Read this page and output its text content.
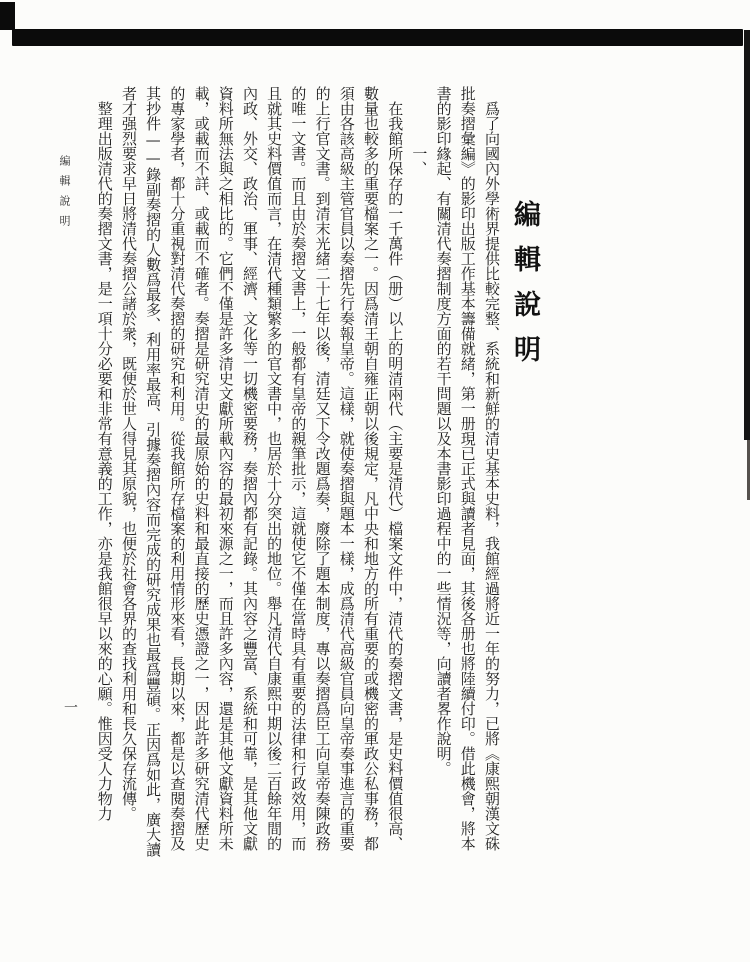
編輯說明

爲了向國內外學術界提供比較完整、系統和新鮮的清史基本史料，我館經過將近一年的努力，已將《康熙朝漢文硃批奏摺彙編》的影印出版工作基本籌備就緒，第一册現已正式與讀者見面，其後各册也將陸續付印。借此機會，將本書的影印緣起、有關清代奏摺制度方面的若干問題以及本書影印過程中的一些情況等，向讀者畧作說明。

一、

在我館所保存的一千萬件（册）以上的明清兩代（主要是清代）檔案文件中，清代的奏摺文書，是史料價值很高、數量也較多的重要檔案之一。因爲清王朝自雍正朝以後規定，凡中央和地方的所有重要的或機密的軍政公私事務，都須由各該高級主管官員以奏摺先行奏報皇帝。這樣，就使奏摺與題本一樣，成爲清代高級官員向皇帝奏事進言的重要的上行官文書。到清末光緒二十七年以後，清廷又下令改題爲奏，廢除了題本制度，專以奏摺爲臣工向皇帝奏陳政務的唯一文書。而且由於奏摺文書上，一般都有皇帝的親筆批示，這就使它不僅在當時具有重要的法律和行政效用，而且就其史料價值而言，在清代種類繁多的官文書中，也居於十分突出的地位。舉凡清代自康熙中期以後二百餘年間的內政、外交、政治、軍事、經濟、文化等一切機密要務，奏摺內都有記錄。其內容之豐富、系統和可靠，是其他文獻資料所無法與之相比的。它們不僅是許多清史文獻所載內容的最初來源之一，而且許多內容，還是其他文獻資料所未載，或載而不詳、或載而不確者。奏摺是研究清史的最原始的史料和最直接的歷史憑證之一，因此許多研究清代歷史的專家學者，都十分重視對清代奏摺的研究和利用。從我館所存檔案的利用情形來看，長期以來，都是以查閱奏摺及其抄件——錄副奏摺的人數爲最多、利用率最高、引據奏摺內容而完成的研究成果也最爲豐碩。正因爲如此，廣大讀者才强烈要求早日將清代奏摺公諸於衆，既便於世人得見其原貌，也便於社會各界的查找利用和長久保存流傳。

整理出版清代的奏摺文書，是一項十分必要和非常有意義的工作，亦是我館很早以來的心願。惟因受人力物力

編輯說明
一
